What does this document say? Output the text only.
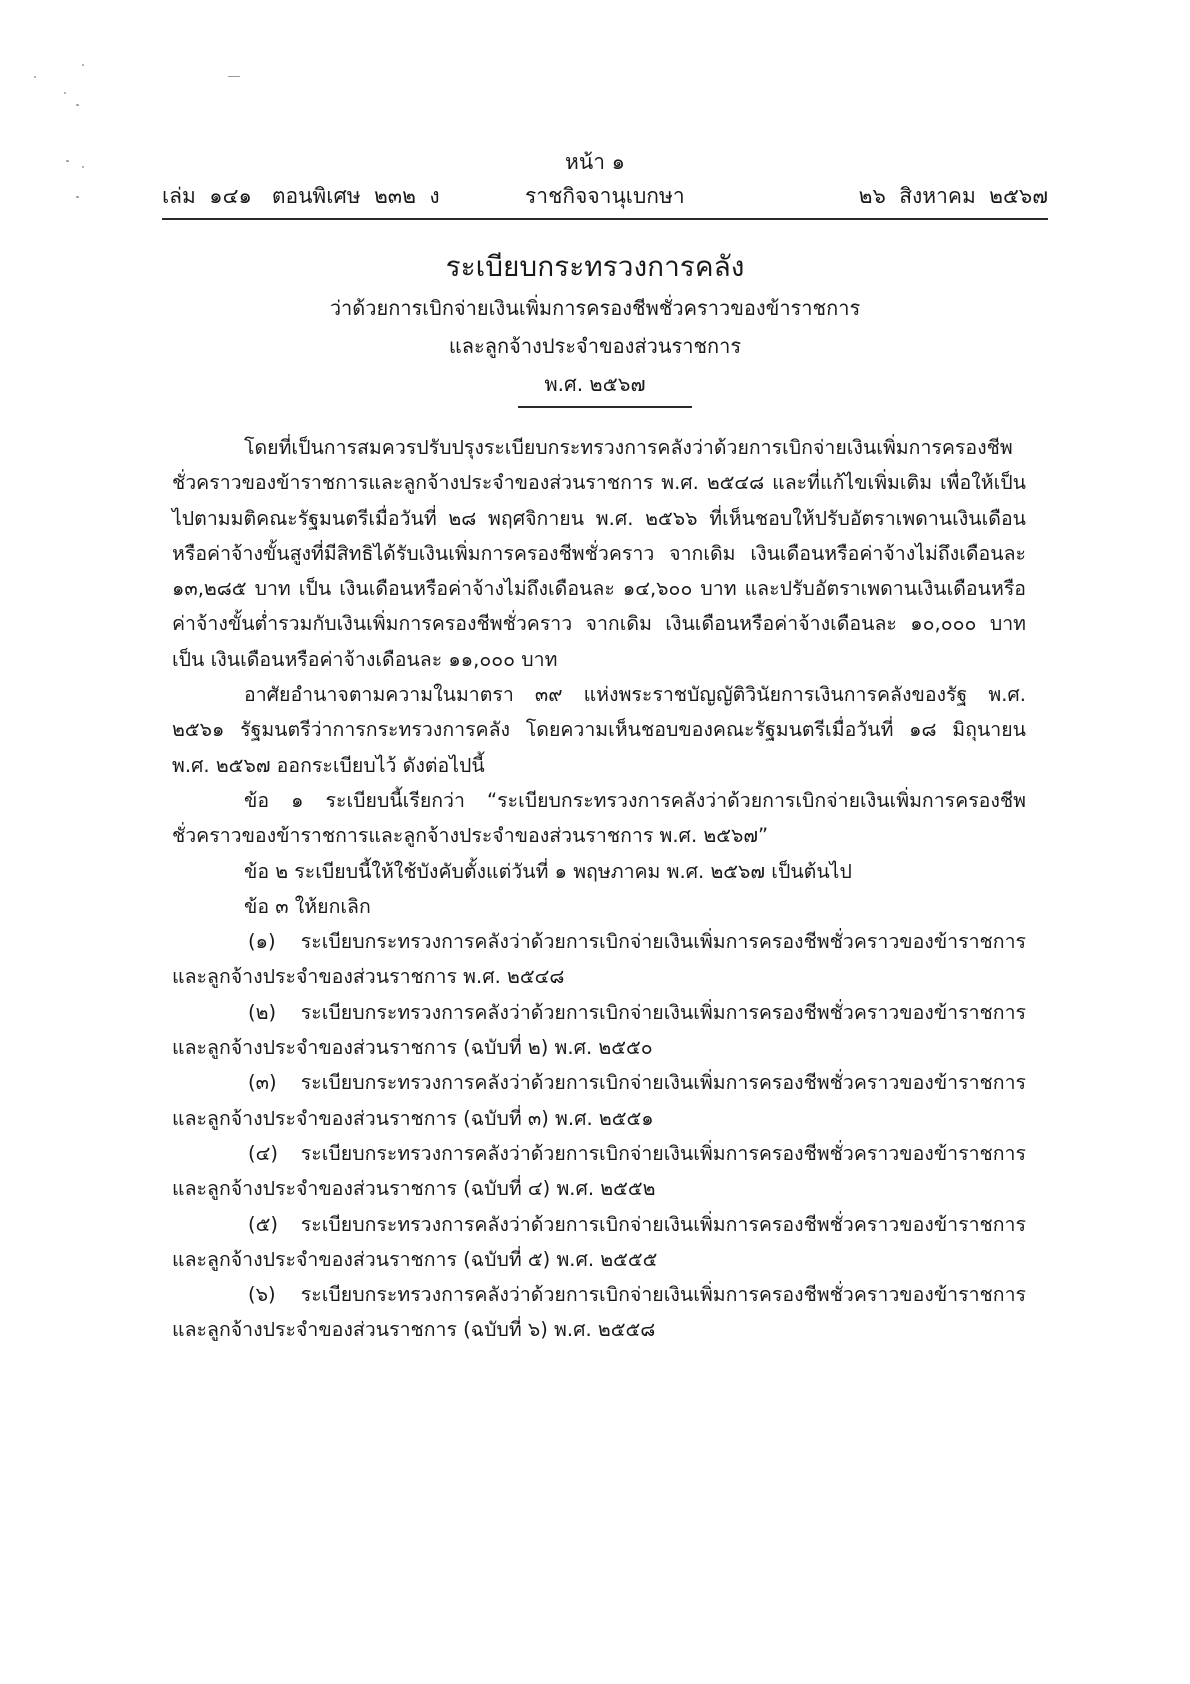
หน้า ๑
เล่ม  ๑๔๑   ตอนพิเศษ  ๒๓๒  ง	ราชกิจจานุเบกษา	๒๖  สิงหาคม  ๒๕๖๗
ระเบียบกระทรวงการคลัง
ว่าด้วยการเบิกจ่ายเงินเพิ่มการครองชีพชั่วคราวของข้าราชการ
และลูกจ้างประจำของส่วนราชการ
พ.ศ. ๒๕๖๗

โดยที่เป็นการสมควรปรับปรุงระเบียบกระทรวงการคลังว่าด้วยการเบิกจ่ายเงินเพิ่มการครองชีพชั่วคราวของข้าราชการและลูกจ้างประจำของส่วนราชการ พ.ศ. ๒๕๔๘ และที่แก้ไขเพิ่มเติม เพื่อให้เป็นไปตามมติคณะรัฐมนตรีเมื่อวันที่ ๒๘ พฤศจิกายน พ.ศ. ๒๕๖๖ ที่เห็นชอบให้ปรับอัตราเพดานเงินเดือนหรือค่าจ้างขั้นสูงที่มีสิทธิได้รับเงินเพิ่มการครองชีพชั่วคราว จากเดิม เงินเดือนหรือค่าจ้างไม่ถึงเดือนละ ๑๓,๒๘๕ บาท เป็น เงินเดือนหรือค่าจ้างไม่ถึงเดือนละ ๑๔,๖๐๐ บาท และปรับอัตราเพดานเงินเดือนหรือค่าจ้างขั้นต่ำรวมกับเงินเพิ่มการครองชีพชั่วคราว จากเดิม เงินเดือนหรือค่าจ้างเดือนละ ๑๐,๐๐๐ บาท เป็น เงินเดือนหรือค่าจ้างเดือนละ ๑๑,๐๐๐ บาท

อาศัยอำนาจตามความในมาตรา ๓๙ แห่งพระราชบัญญัติวินัยการเงินการคลังของรัฐ พ.ศ. ๒๕๖๑ รัฐมนตรีว่าการกระทรวงการคลัง โดยความเห็นชอบของคณะรัฐมนตรีเมื่อวันที่ ๑๘ มิถุนายน พ.ศ. ๒๕๖๗ ออกระเบียบไว้ ดังต่อไปนี้

ข้อ ๑ ระเบียบนี้เรียกว่า “ระเบียบกระทรวงการคลังว่าด้วยการเบิกจ่ายเงินเพิ่มการครองชีพชั่วคราวของข้าราชการและลูกจ้างประจำของส่วนราชการ พ.ศ. ๒๕๖๗”

ข้อ ๒ ระเบียบนี้ให้ใช้บังคับตั้งแต่วันที่ ๑ พฤษภาคม พ.ศ. ๒๕๖๗ เป็นต้นไป

ข้อ ๓ ให้ยกเลิก

(๑) ระเบียบกระทรวงการคลังว่าด้วยการเบิกจ่ายเงินเพิ่มการครองชีพชั่วคราวของข้าราชการและลูกจ้างประจำของส่วนราชการ พ.ศ. ๒๕๔๘

(๒) ระเบียบกระทรวงการคลังว่าด้วยการเบิกจ่ายเงินเพิ่มการครองชีพชั่วคราวของข้าราชการและลูกจ้างประจำของส่วนราชการ (ฉบับที่ ๒) พ.ศ. ๒๕๕๐

(๓) ระเบียบกระทรวงการคลังว่าด้วยการเบิกจ่ายเงินเพิ่มการครองชีพชั่วคราวของข้าราชการและลูกจ้างประจำของส่วนราชการ (ฉบับที่ ๓) พ.ศ. ๒๕๕๑

(๔) ระเบียบกระทรวงการคลังว่าด้วยการเบิกจ่ายเงินเพิ่มการครองชีพชั่วคราวของข้าราชการและลูกจ้างประจำของส่วนราชการ (ฉบับที่ ๔) พ.ศ. ๒๕๕๒

(๕) ระเบียบกระทรวงการคลังว่าด้วยการเบิกจ่ายเงินเพิ่มการครองชีพชั่วคราวของข้าราชการและลูกจ้างประจำของส่วนราชการ (ฉบับที่ ๕) พ.ศ. ๒๕๕๕

(๖) ระเบียบกระทรวงการคลังว่าด้วยการเบิกจ่ายเงินเพิ่มการครองชีพชั่วคราวของข้าราชการและลูกจ้างประจำของส่วนราชการ (ฉบับที่ ๖) พ.ศ. ๒๕๕๘
